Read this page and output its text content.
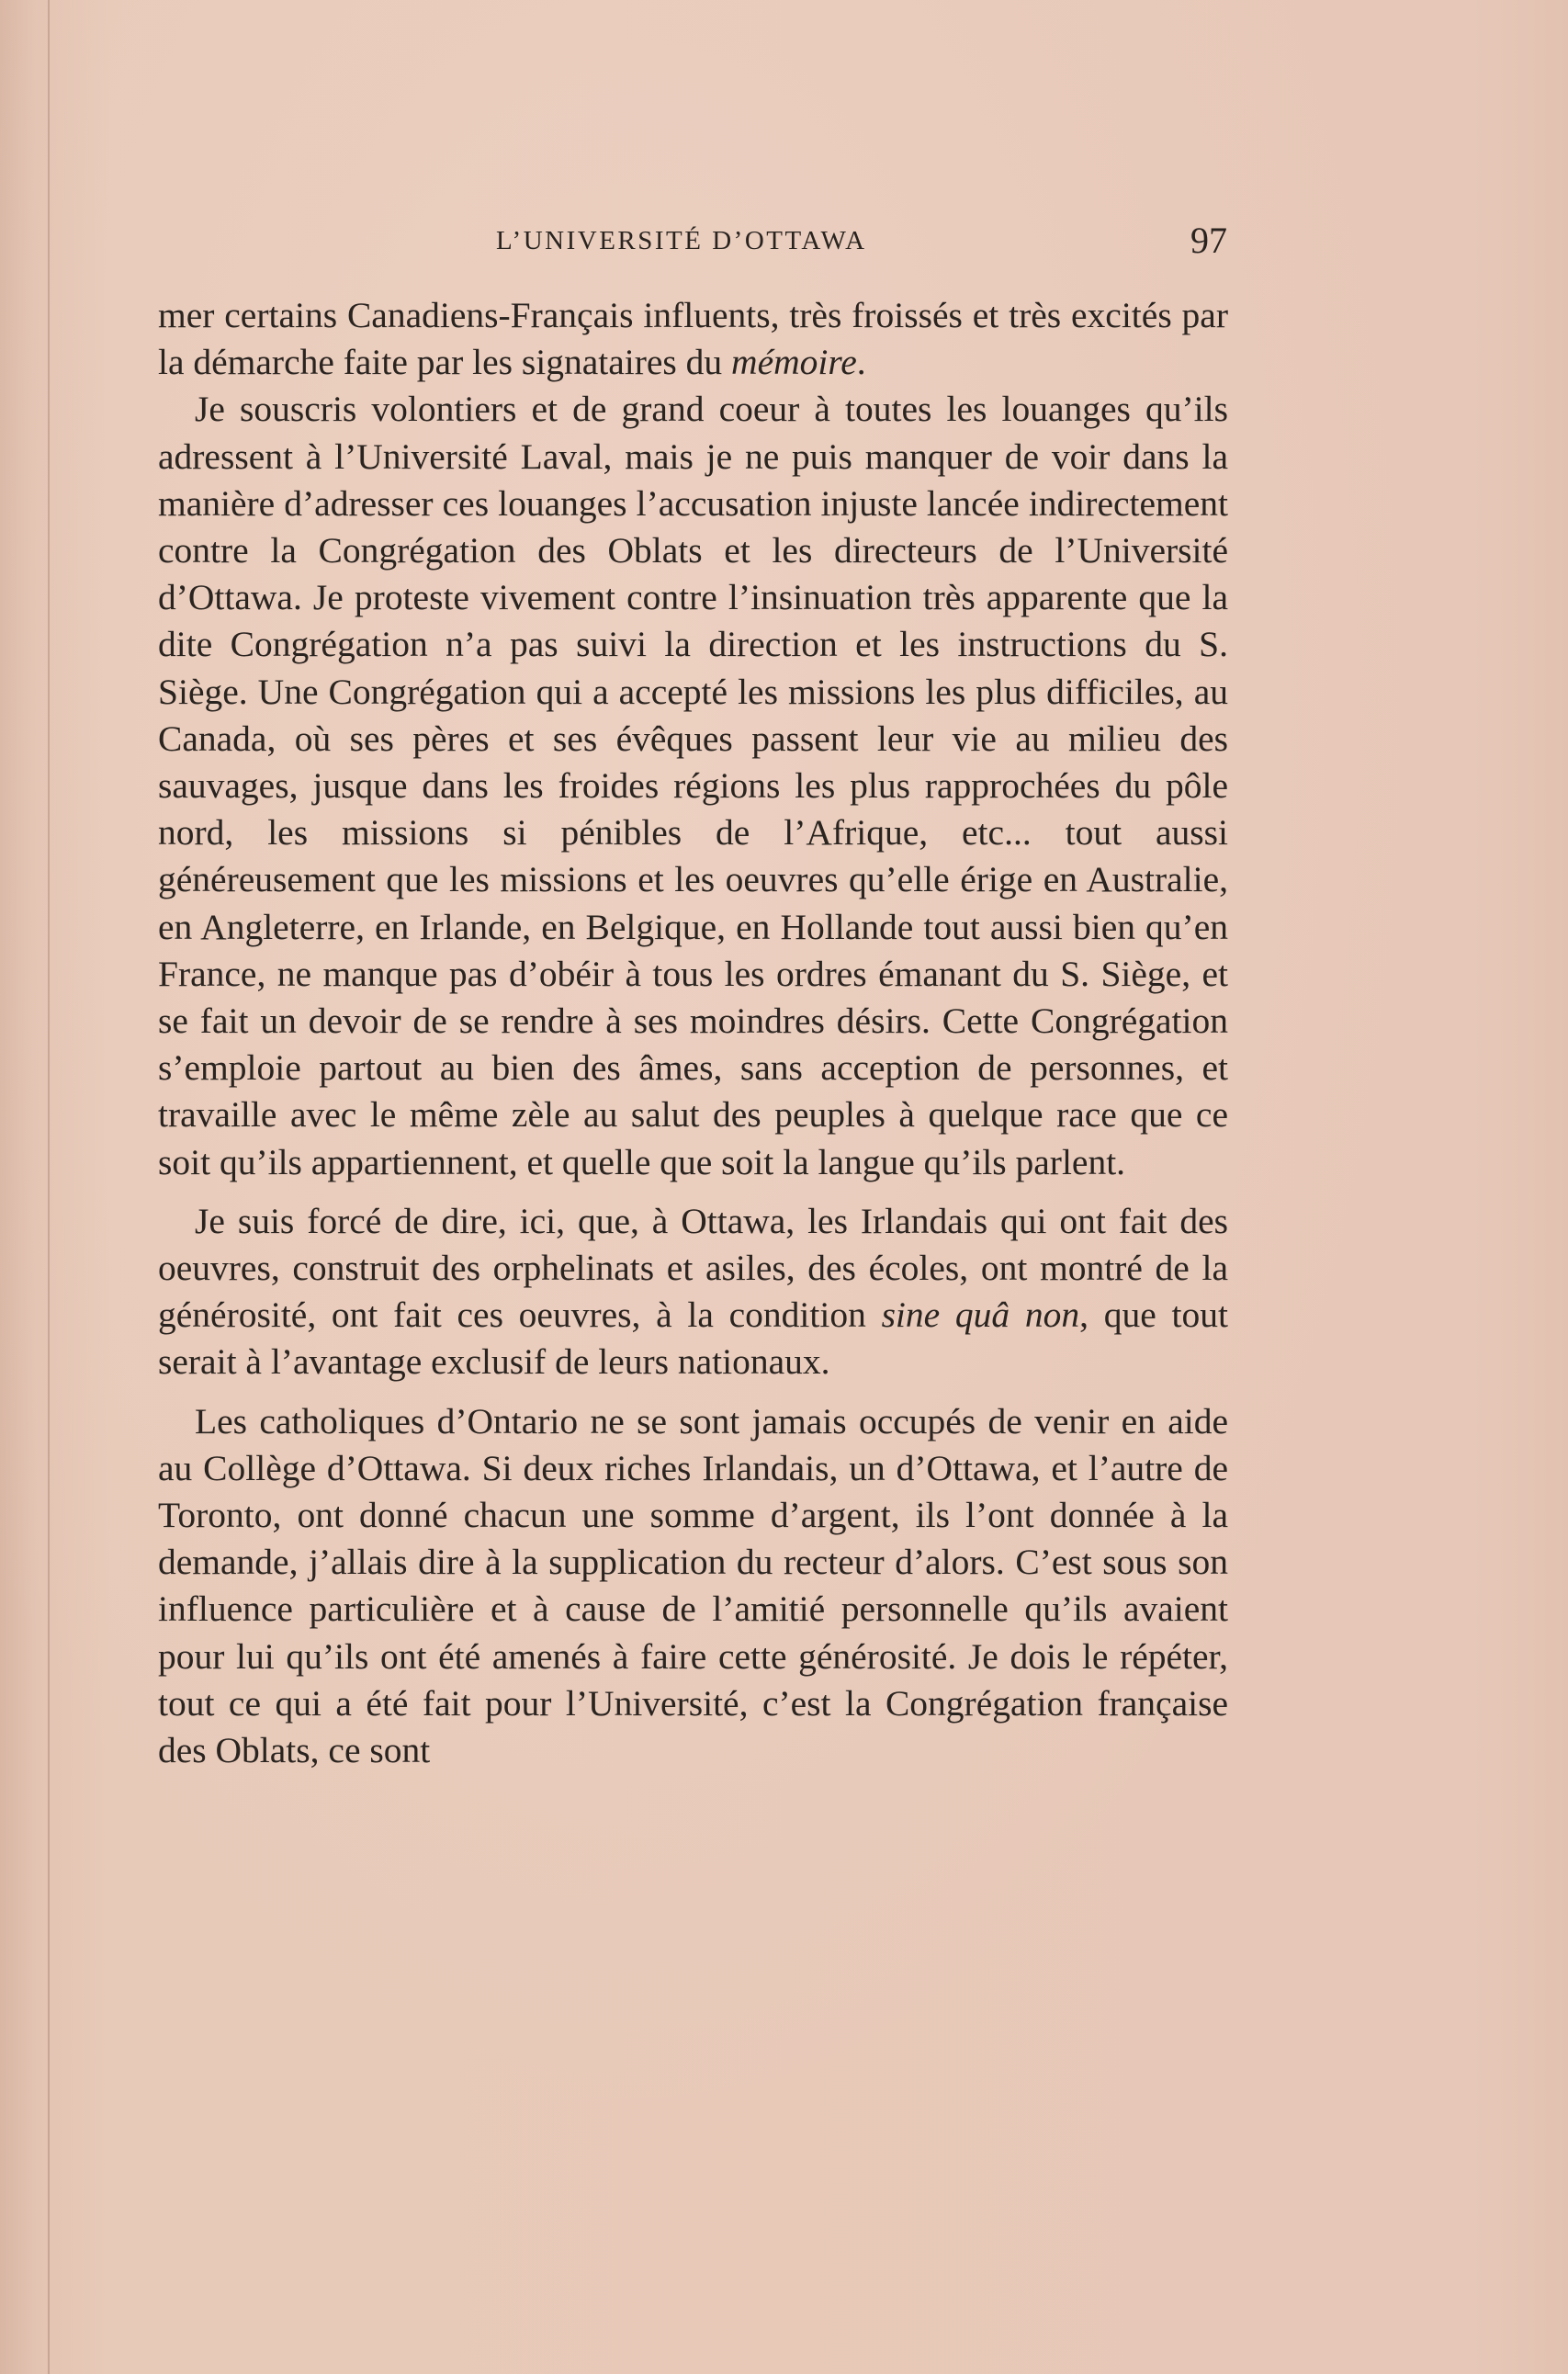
L’UNIVERSITÉ D’OTTAWA	97

mer certains Canadiens-Français influents, très froissés et très excités par la démarche faite par les signataires du mémoire.

Je souscris volontiers et de grand coeur à toutes les louanges qu’ils adressent à l’Université Laval, mais je ne puis manquer de voir dans la manière d’adresser ces louanges l’accusation injuste lancée indirectement contre la Congrégation des Oblats et les directeurs de l’Université d’Ottawa. Je proteste vivement contre l’insinuation très apparente que la dite Congrégation n’a pas suivi la direction et les instructions du S. Siège. Une Congrégation qui a accepté les missions les plus difficiles, au Canada, où ses pères et ses évêques passent leur vie au milieu des sauvages, jusque dans les froides régions les plus rapprochées du pôle nord, les missions si pénibles de l’Afrique, etc... tout aussi généreusement que les missions et les oeuvres qu’elle érige en Australie, en Angleterre, en Irlande, en Belgique, en Hollande tout aussi bien qu’en France, ne manque pas d’obéir à tous les ordres émanant du S. Siège, et se fait un devoir de se rendre à ses moindres désirs. Cette Congrégation s’emploie partout au bien des âmes, sans acception de personnes, et travaille avec le même zèle au salut des peuples à quelque race que ce soit qu’ils appartiennent, et quelle que soit la langue qu’ils parlent.

Je suis forcé de dire, ici, que, à Ottawa, les Irlandais qui ont fait des oeuvres, construit des orphelinats et asiles, des écoles, ont montré de la générosité, ont fait ces oeuvres, à la condition sine quâ non, que tout serait à l’avantage exclusif de leurs nationaux.

Les catholiques d’Ontario ne se sont jamais occupés de venir en aide au Collège d’Ottawa. Si deux riches Irlandais, un d’Ottawa, et l’autre de Toronto, ont donné chacun une somme d’argent, ils l’ont donnée à la demande, j’allais dire à la supplication du recteur d’alors. C’est sous son influence particulière et à cause de l’amitié personnelle qu’ils avaient pour lui qu’ils ont été amenés à faire cette générosité. Je dois le répéter, tout ce qui a été fait pour l’Université, c’est la Congrégation française des Oblats, ce sont
